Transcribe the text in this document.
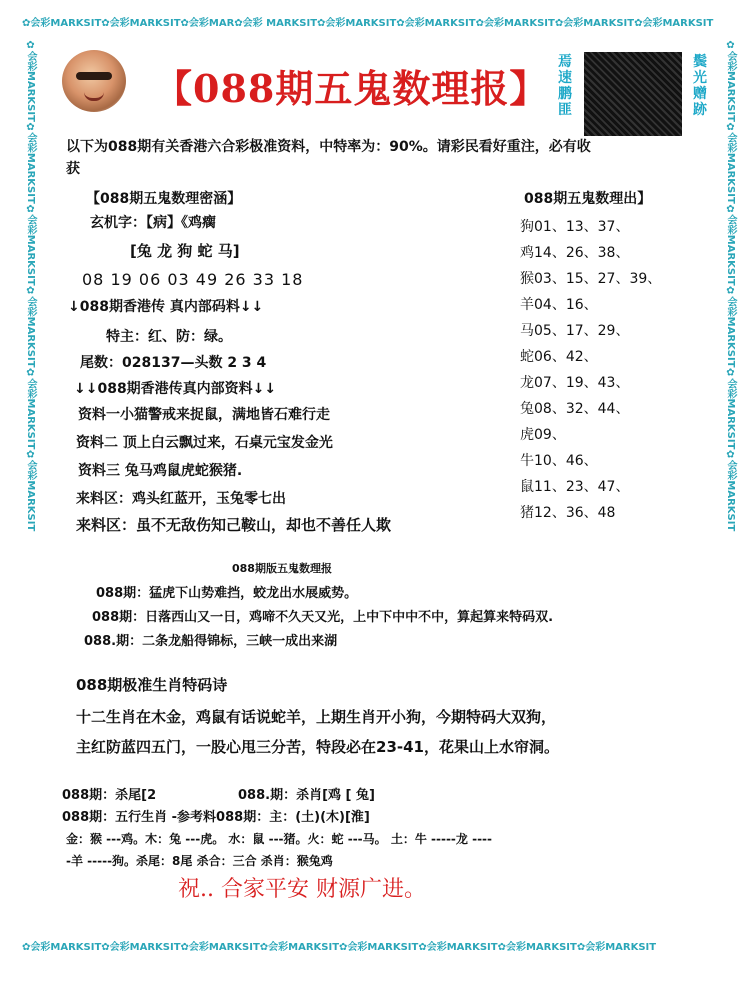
✿会彩MARKSIT✿会彩MARKSIT✿会彩MAR✿会彩 MARKSIT✿会彩MARKSIT✿会彩MARKSIT✿会彩MARKSIT✿会彩MARKSIT✿会彩MARKSIT
✿会彩MARKSIT✿会彩MARKSIT✿会彩MARKSIT✿会彩MARKSIT✿会彩MARKSIT✿会彩MARKSIT✿会彩MARKSIT✿会彩MARKSIT
✿会彩MARKSIT✿会彩MARKSIT✿会彩MARKSIT✿会彩MARKSIT✿会彩MARKSIT✿会彩MARKSIT	✿会彩MARKSIT✿会彩MARKSIT✿会彩MARKSIT✿会彩MARKSIT✿会彩MARKSIT✿会彩MARKSIT
【088期五鬼数理报】
焉
速
鹏
匪
鬓
光
赠
跡
以下为088期有关香港六合彩极准资料，中特率为：90%。请彩民看好重注，必有收
获
【088期五鬼数理密涵】
玄机字：【病】《鸡瘸
[兔 龙 狗 蛇 马]
08 19 06 03 49 26 33 18
↓088期香港传 真内部码料↓↓
特主：红、防：绿。
尾数：028137—头数 2 3 4
↓↓088期香港传真内部资料↓↓
资料一小猫警戒来捉鼠，满地皆石难行走
资料二 顶上白云飘过来，石桌元宝发金光
资料三 兔马鸡鼠虎蛇猴猪.
来料区：鸡头红蓝开，玉兔零七出
来料区：虽不无敌伤知己鞍山，却也不善任人欺
088期五鬼数理出】
狗01、13、37、
鸡14、26、38、
猴03、15、27、39、
羊04、16、
马05、17、29、
蛇06、42、
龙07、19、43、
兔08、32、44、
虎09、
牛10、46、
鼠11、23、47、
猪12、36、48
088期版五鬼数理报
088期：猛虎下山势难挡，蛟龙出水展威势。
088期：日落西山又一日，鸡啼不久天又光，上中下中中不中，算起算来特码双.
088.期：二条龙船得锦标，三峡一成出来湖
088期极准生肖特码诗
十二生肖在木金，鸡鼠有话说蛇羊，上期生肖开小狗，今期特码大双狗，
主红防蓝四五门，一股心甩三分苦，特段必在23-41，花果山上水帘洞。
088期：杀尾[2	088.期：杀肖[鸡 [ 兔]
088期：五行生肖 -参考料088期：主：(土)(木)[淮]
金：猴 ---鸡。木：兔 ---虎。 水：鼠 ---猪。火：蛇 ---马。 土：牛 -----龙 ----
-羊 -----狗。杀尾：8尾 杀合：三合 杀肖：猴兔鸡
祝.. 合家平安 财源广进。
